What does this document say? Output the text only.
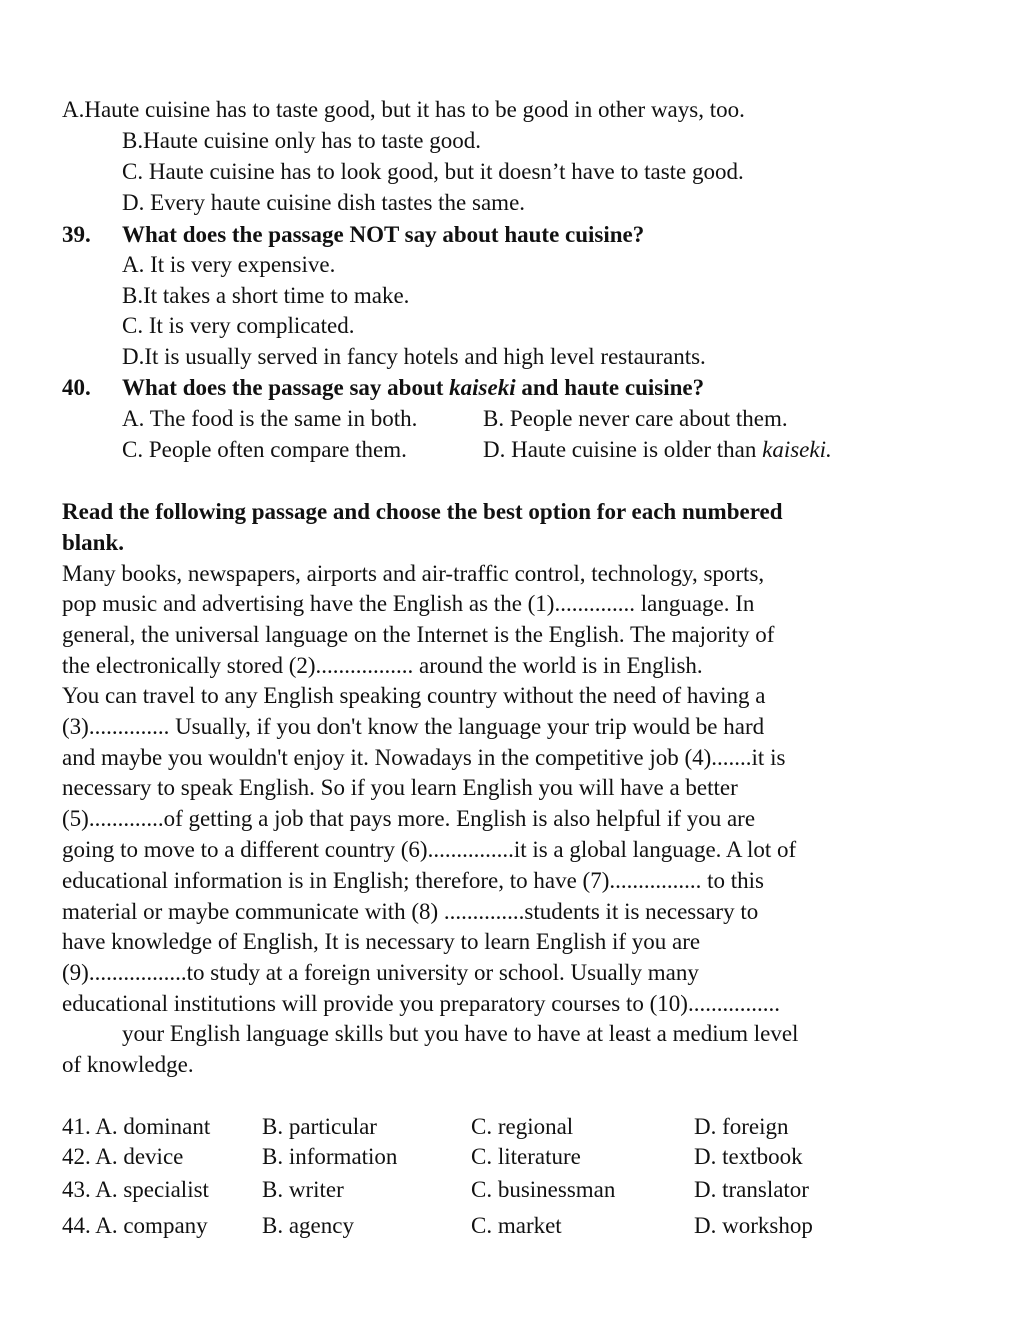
A.Haute cuisine has to taste good, but it has to be good in other ways, too.
B.Haute cuisine only has to taste good.
C. Haute cuisine has to look good, but it doesn’t have to taste good.
D. Every haute cuisine dish tastes the same.
39. What does the passage NOT say about haute cuisine?
A. It is very expensive.
B.It takes a short time to make.
C. It is very complicated.
D.It is usually served in fancy hotels and high level restaurants.
40. What does the passage say about kaiseki and haute cuisine?
A. The food is the same in both.	B. People never care about them.
C. People often compare them.	D. Haute cuisine is older than kaiseki.
Read the following passage and choose the best option for each numbered
blank.
Many books, newspapers, airports and air-traffic control, technology, sports,
pop music and advertising have the English as the (1).............. language. In
general, the universal language on the Internet is the English. The majority of
the electronically stored (2)................. around the world is in English.
You can travel to any English speaking country without the need of having a
(3).............. Usually, if you don't know the language your trip would be hard
and maybe you wouldn't enjoy it. Nowadays in the competitive job (4).......it is
necessary to speak English. So if you learn English you will have a better
(5).............of getting a job that pays more. English is also helpful if you are
going to move to a different country (6)...............it is a global language. A lot of
educational information is in English; therefore, to have (7)................ to this
material or maybe communicate with (8) ..............students it is necessary to
have knowledge of English, It is necessary to learn English if you are
(9).................to study at a foreign university or school. Usually many
educational institutions will provide you preparatory courses to (10)................
your English language skills but you have to have at least a medium level
of knowledge.
41. A. dominant B. particular	C. regional	D. foreign
42. A. device	B. information	C. literature	D. textbook
43. A. specialist B. writer	C. businessman	D. translator
44. A. company B. agency	C. market	D. workshop
